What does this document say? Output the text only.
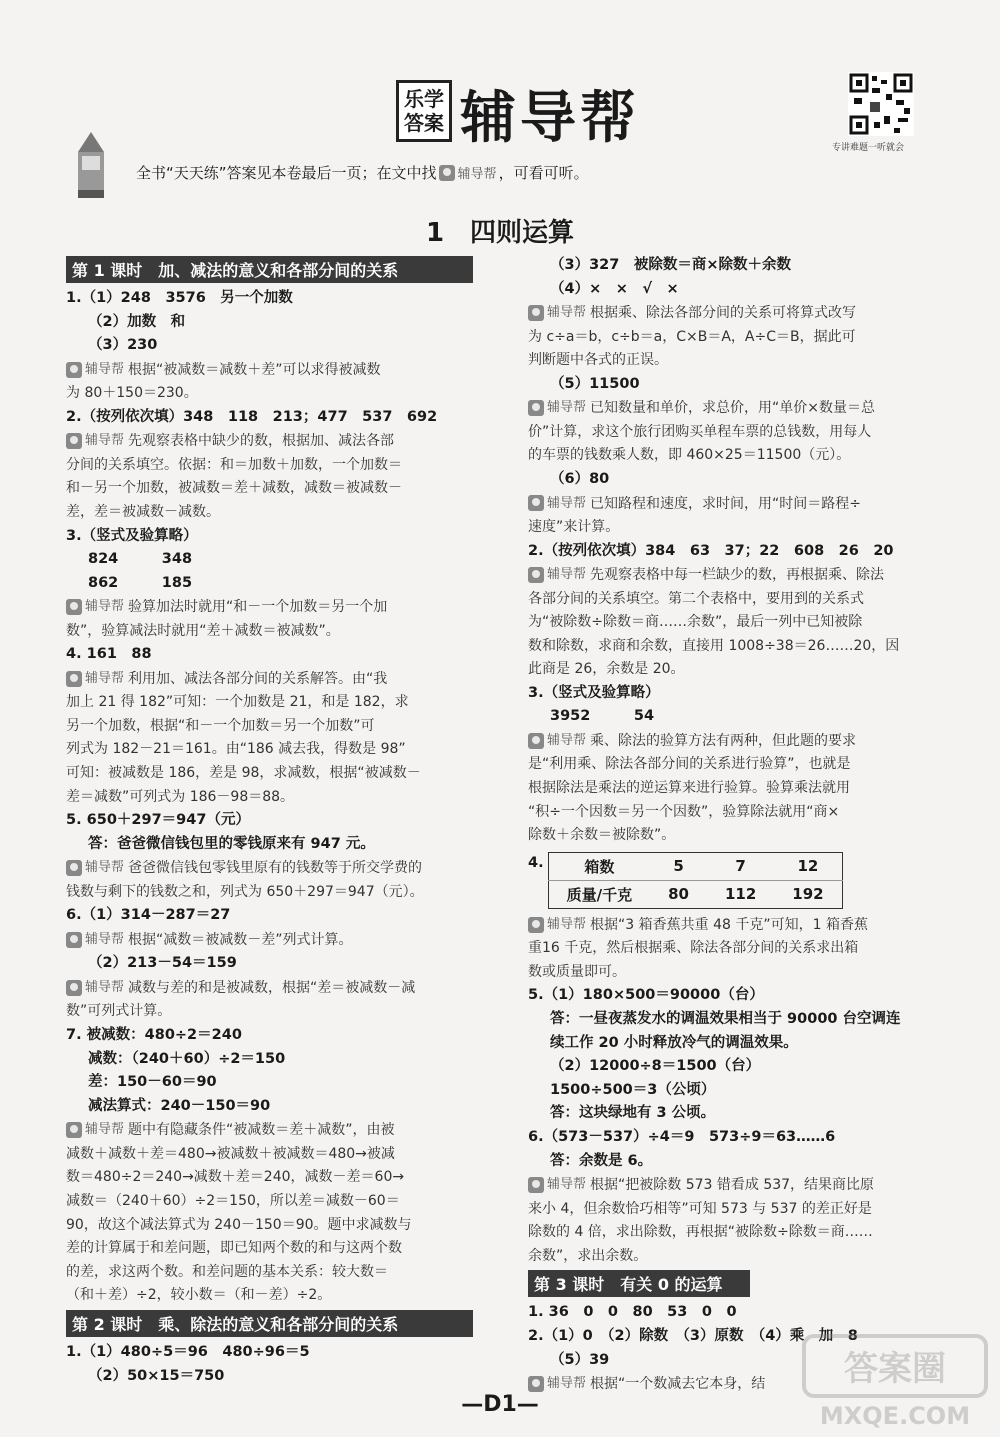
乐学
答案 辅导帮	专讲难题一听就会
全书“天天练”答案见本卷最后一页；在文中找 辅导帮 ，可看可听。
1　四则运算
第 1 课时　加、减法的意义和各部分间的关系
1.（1）248　3576　另一个加数
（2）加数　和
（3）230
辅导帮 根据“被减数＝减数＋差”可以求得被减数
为 80＋150＝230。
2.（按列依次填）348　118　213；477　537　692
辅导帮 先观察表格中缺少的数，根据加、减法各部
分间的关系填空。依据：和＝加数＋加数，一个加数＝
和－另一个加数，被减数＝差＋减数，减数＝被减数－
差，差＝被减数－减数。
3.（竖式及验算略）
824　　　348
862　　　185
辅导帮 验算加法时就用“和－一个加数＝另一个加
数”，验算减法时就用“差＋减数＝被减数”。
4. 161　88
辅导帮 利用加、减法各部分间的关系解答。由“我
加上 21 得 182”可知：一个加数是 21，和是 182，求
另一个加数，根据“和－一个加数＝另一个加数”可
列式为 182－21＝161。由“186 减去我，得数是 98”
可知：被减数是 186，差是 98，求减数，根据“被减数－
差＝减数”可列式为 186－98＝88。
5. 650＋297＝947（元）
答：爸爸微信钱包里的零钱原来有 947 元。
辅导帮 爸爸微信钱包零钱里原有的钱数等于所交学费的
钱数与剩下的钱数之和，列式为 650＋297＝947（元）。
6.（1）314－287＝27
辅导帮 根据“减数＝被减数－差”列式计算。
（2）213－54＝159
辅导帮 减数与差的和是被减数，根据“差＝被减数－减
数”可列式计算。
7. 被减数：480÷2＝240
减数：（240＋60）÷2＝150
差：150－60＝90
减法算式：240－150＝90
辅导帮 题中有隐藏条件“被减数＝差＋减数”，由被
减数＋减数＋差＝480→被减数＋被减数＝480→被减
数＝480÷2＝240→减数＋差＝240，减数－差＝60→
减数＝（240＋60）÷2＝150，所以差＝减数－60＝
90，故这个减法算式为 240－150＝90。题中求减数与
差的计算属于和差问题，即已知两个数的和与这两个数
的差，求这两个数。和差问题的基本关系：较大数＝
（和＋差）÷2，较小数＝（和－差）÷2。
第 2 课时　乘、除法的意义和各部分间的关系
1.（1）480÷5＝96　480÷96＝5
（2）50×15＝750
（3）327　被除数＝商×除数＋余数
（4）×　×　√　×
辅导帮 根据乘、除法各部分间的关系可将算式改写
为 c÷a＝b，c÷b＝a，C×B＝A，A÷C＝B，据此可
判断题中各式的正误。
（5）11500
辅导帮 已知数量和单价，求总价，用“单价×数量＝总
价”计算，求这个旅行团购买单程车票的总钱数，用每人
的车票的钱数乘人数，即 460×25＝11500（元）。
（6）80
辅导帮 已知路程和速度，求时间，用“时间＝路程÷
速度”来计算。
2.（按列依次填）384　63　37；22　608　26　20
辅导帮 先观察表格中每一栏缺少的数，再根据乘、除法
各部分间的关系填空。第二个表格中，要用到的关系式
为“被除数÷除数＝商……余数”，最后一列中已知被除
数和除数，求商和余数，直接用 1008÷38＝26……20，因
此商是 26，余数是 20。
3.（竖式及验算略）
3952　　　54
辅导帮 乘、除法的验算方法有两种，但此题的要求
是“利用乘、除法各部分间的关系进行验算”，也就是
根据除法是乘法的逆运算来进行验算。验算乘法就用
“积÷一个因数＝另一个因数”，验算除法就用“商×
除数＋余数＝被除数”。
4.	箱数	5	7	12
质量/千克	80	112	192
辅导帮 根据“3 箱香蕉共重 48 千克”可知，1 箱香蕉
重16 千克，然后根据乘、除法各部分间的关系求出箱
数或质量即可。
5.（1）180×500＝90000（台）
答：一昼夜蒸发水的调温效果相当于 90000 台空调连
续工作 20 小时释放冷气的调温效果。
（2）12000÷8＝1500（台）
1500÷500＝3（公顷）
答：这块绿地有 3 公顷。
6.（573－537）÷4＝9　573÷9＝63……6
答：余数是 6。
辅导帮 根据“把被除数 573 错看成 537，结果商比原
来小 4，但余数恰巧相等”可知 573 与 537 的差正好是
除数的 4 倍，求出除数，再根据“被除数÷除数＝商……
余数”，求出余数。
第 3 课时　有关 0 的运算
1. 36　0　0　80　53　0　0
2.（1）0　（2）除数　（3）原数　（4）乘　加　8
（5）39
辅导帮 根据“一个数减去它本身，结
—D1—
答案圈
MXQE.COM
